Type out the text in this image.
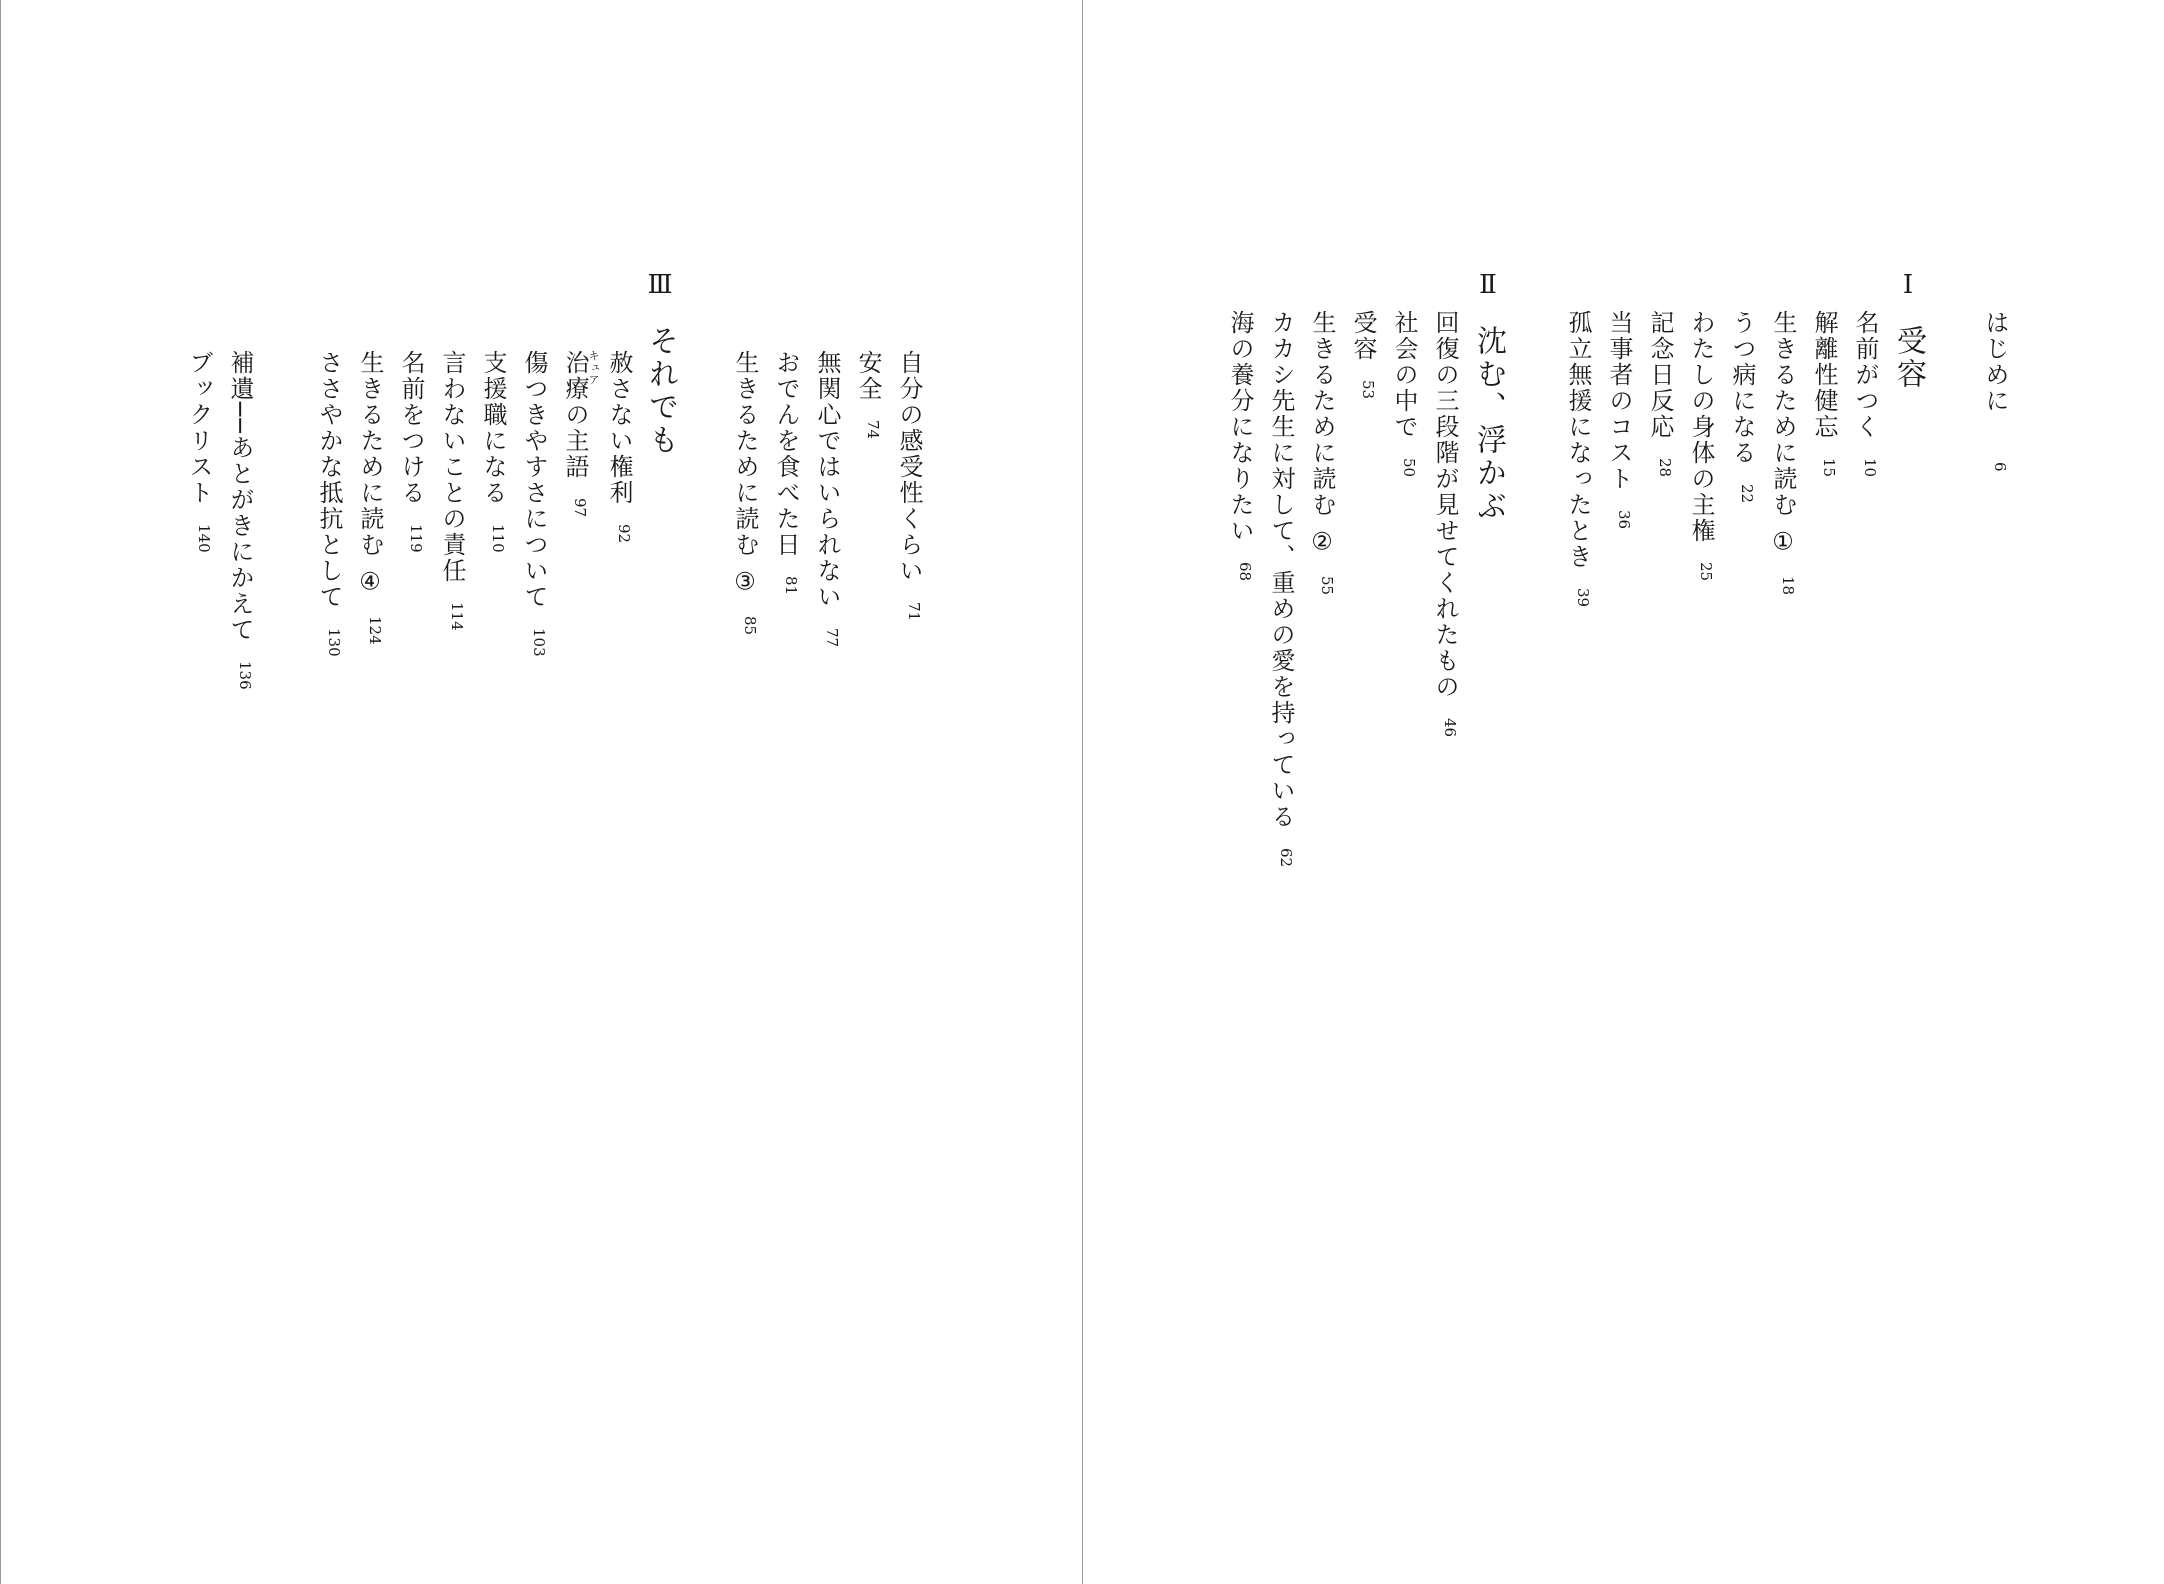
自分の感受性くらい71
安全74
無関心ではいられない77
おでんを食べた日81
生きるために読む ③85
Ⅲそれでも
赦さない権利92
キュア
治療の主語97
傷つきやすさについて103
支援職になる110
言わないことの責任114
名前をつける119
生きるために読む ④124
ささやかな抵抗として130
補遺──あとがきにかえて136
ブックリスト140
はじめに6
Ⅰ受容
名前がつく10
解離性健忘15
生きるために読む ①18
うつ病になる22
わたしの身体の主権25
記念日反応28
当事者のコスト36
孤立無援になったとき39
Ⅱ沈む、浮かぶ
回復の三段階が見せてくれたもの46
社会の中で50
受容53
生きるために読む ②55
カカシ先生に対して、重めの愛を持っている62
海の養分になりたい68
